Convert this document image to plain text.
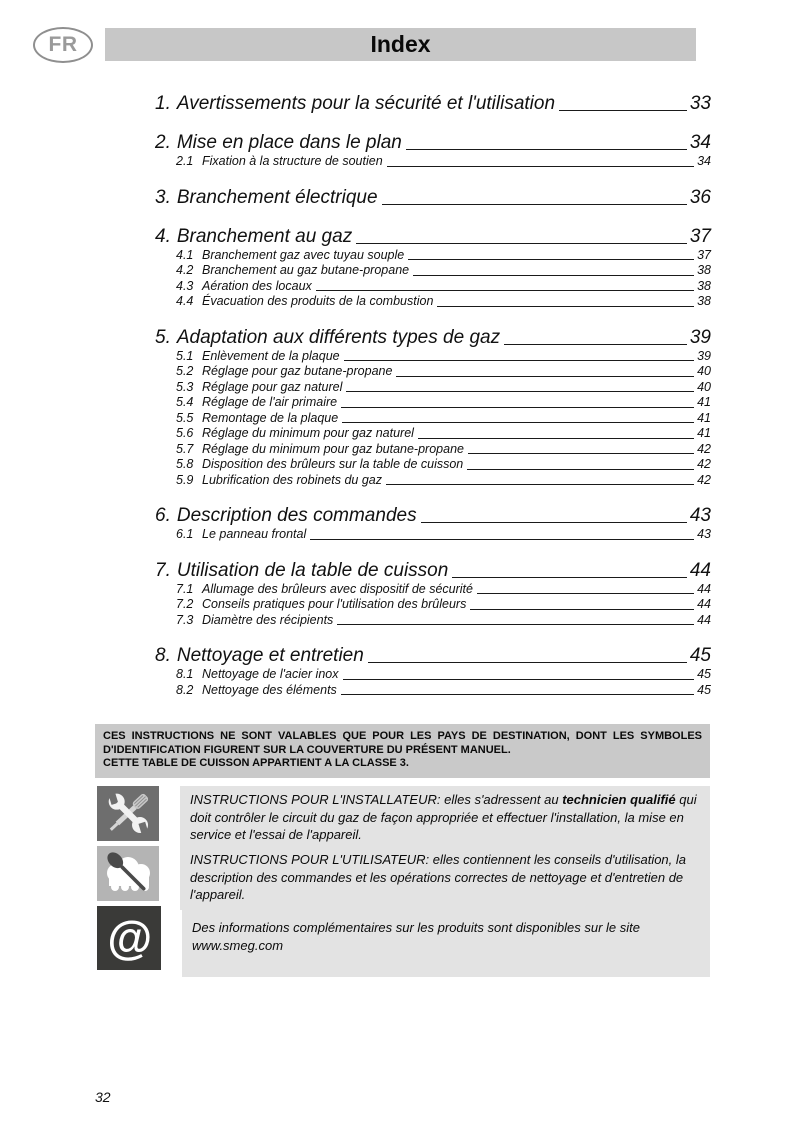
FR	Index
1. Avertissements pour la sécurité et l'utilisation	33
2. Mise en place dans le plan	34
2.1 Fixation à la structure de soutien	34
3. Branchement électrique	36
4. Branchement au gaz	37
4.1 Branchement gaz avec tuyau souple	37
4.2 Branchement au gaz butane-propane	38
4.3 Aération des locaux	38
4.4 Évacuation des produits de la combustion	38
5. Adaptation aux différents types de gaz	39
5.1 Enlèvement de la plaque	39
5.2 Réglage pour gaz butane-propane	40
5.3 Réglage pour gaz naturel	40
5.4 Réglage de l'air primaire	41
5.5 Remontage de la plaque	41
5.6 Réglage du minimum pour gaz naturel	41
5.7 Réglage du minimum pour gaz butane-propane	42
5.8 Disposition des brûleurs sur la table de cuisson	42
5.9 Lubrification des robinets du gaz	42
6. Description des commandes	43
6.1 Le panneau frontal	43
7. Utilisation de la table de cuisson	44
7.1 Allumage des brûleurs avec dispositif de sécurité	44
7.2 Conseils pratiques pour l'utilisation des brûleurs	44
7.3 Diamètre des récipients	44
8. Nettoyage et entretien	45
8.1 Nettoyage de l'acier inox	45
8.2 Nettoyage des éléments	45

CES INSTRUCTIONS NE SONT VALABLES QUE POUR LES PAYS DE DESTINATION, DONT LES SYMBOLES D'IDENTIFICATION FIGURENT SUR LA COUVERTURE DU PRÉSENT MANUEL.

CETTE TABLE DE CUISSON APPARTIENT A LA CLASSE 3.

INSTRUCTIONS POUR L'INSTALLATEUR: elles s'adressent au technicien qualifié qui doit contrôler le circuit du gaz de façon appropriée et effectuer l'installation, la mise en service et l'essai de l'appareil.
INSTRUCTIONS POUR L'UTILISATEUR: elles contiennent les conseils d'utilisation, la description des commandes et les opérations correctes de nettoyage et d'entretien de l'appareil.
@	Des informations complémentaires sur les produits sont disponibles sur le site
www.smeg.com
32
